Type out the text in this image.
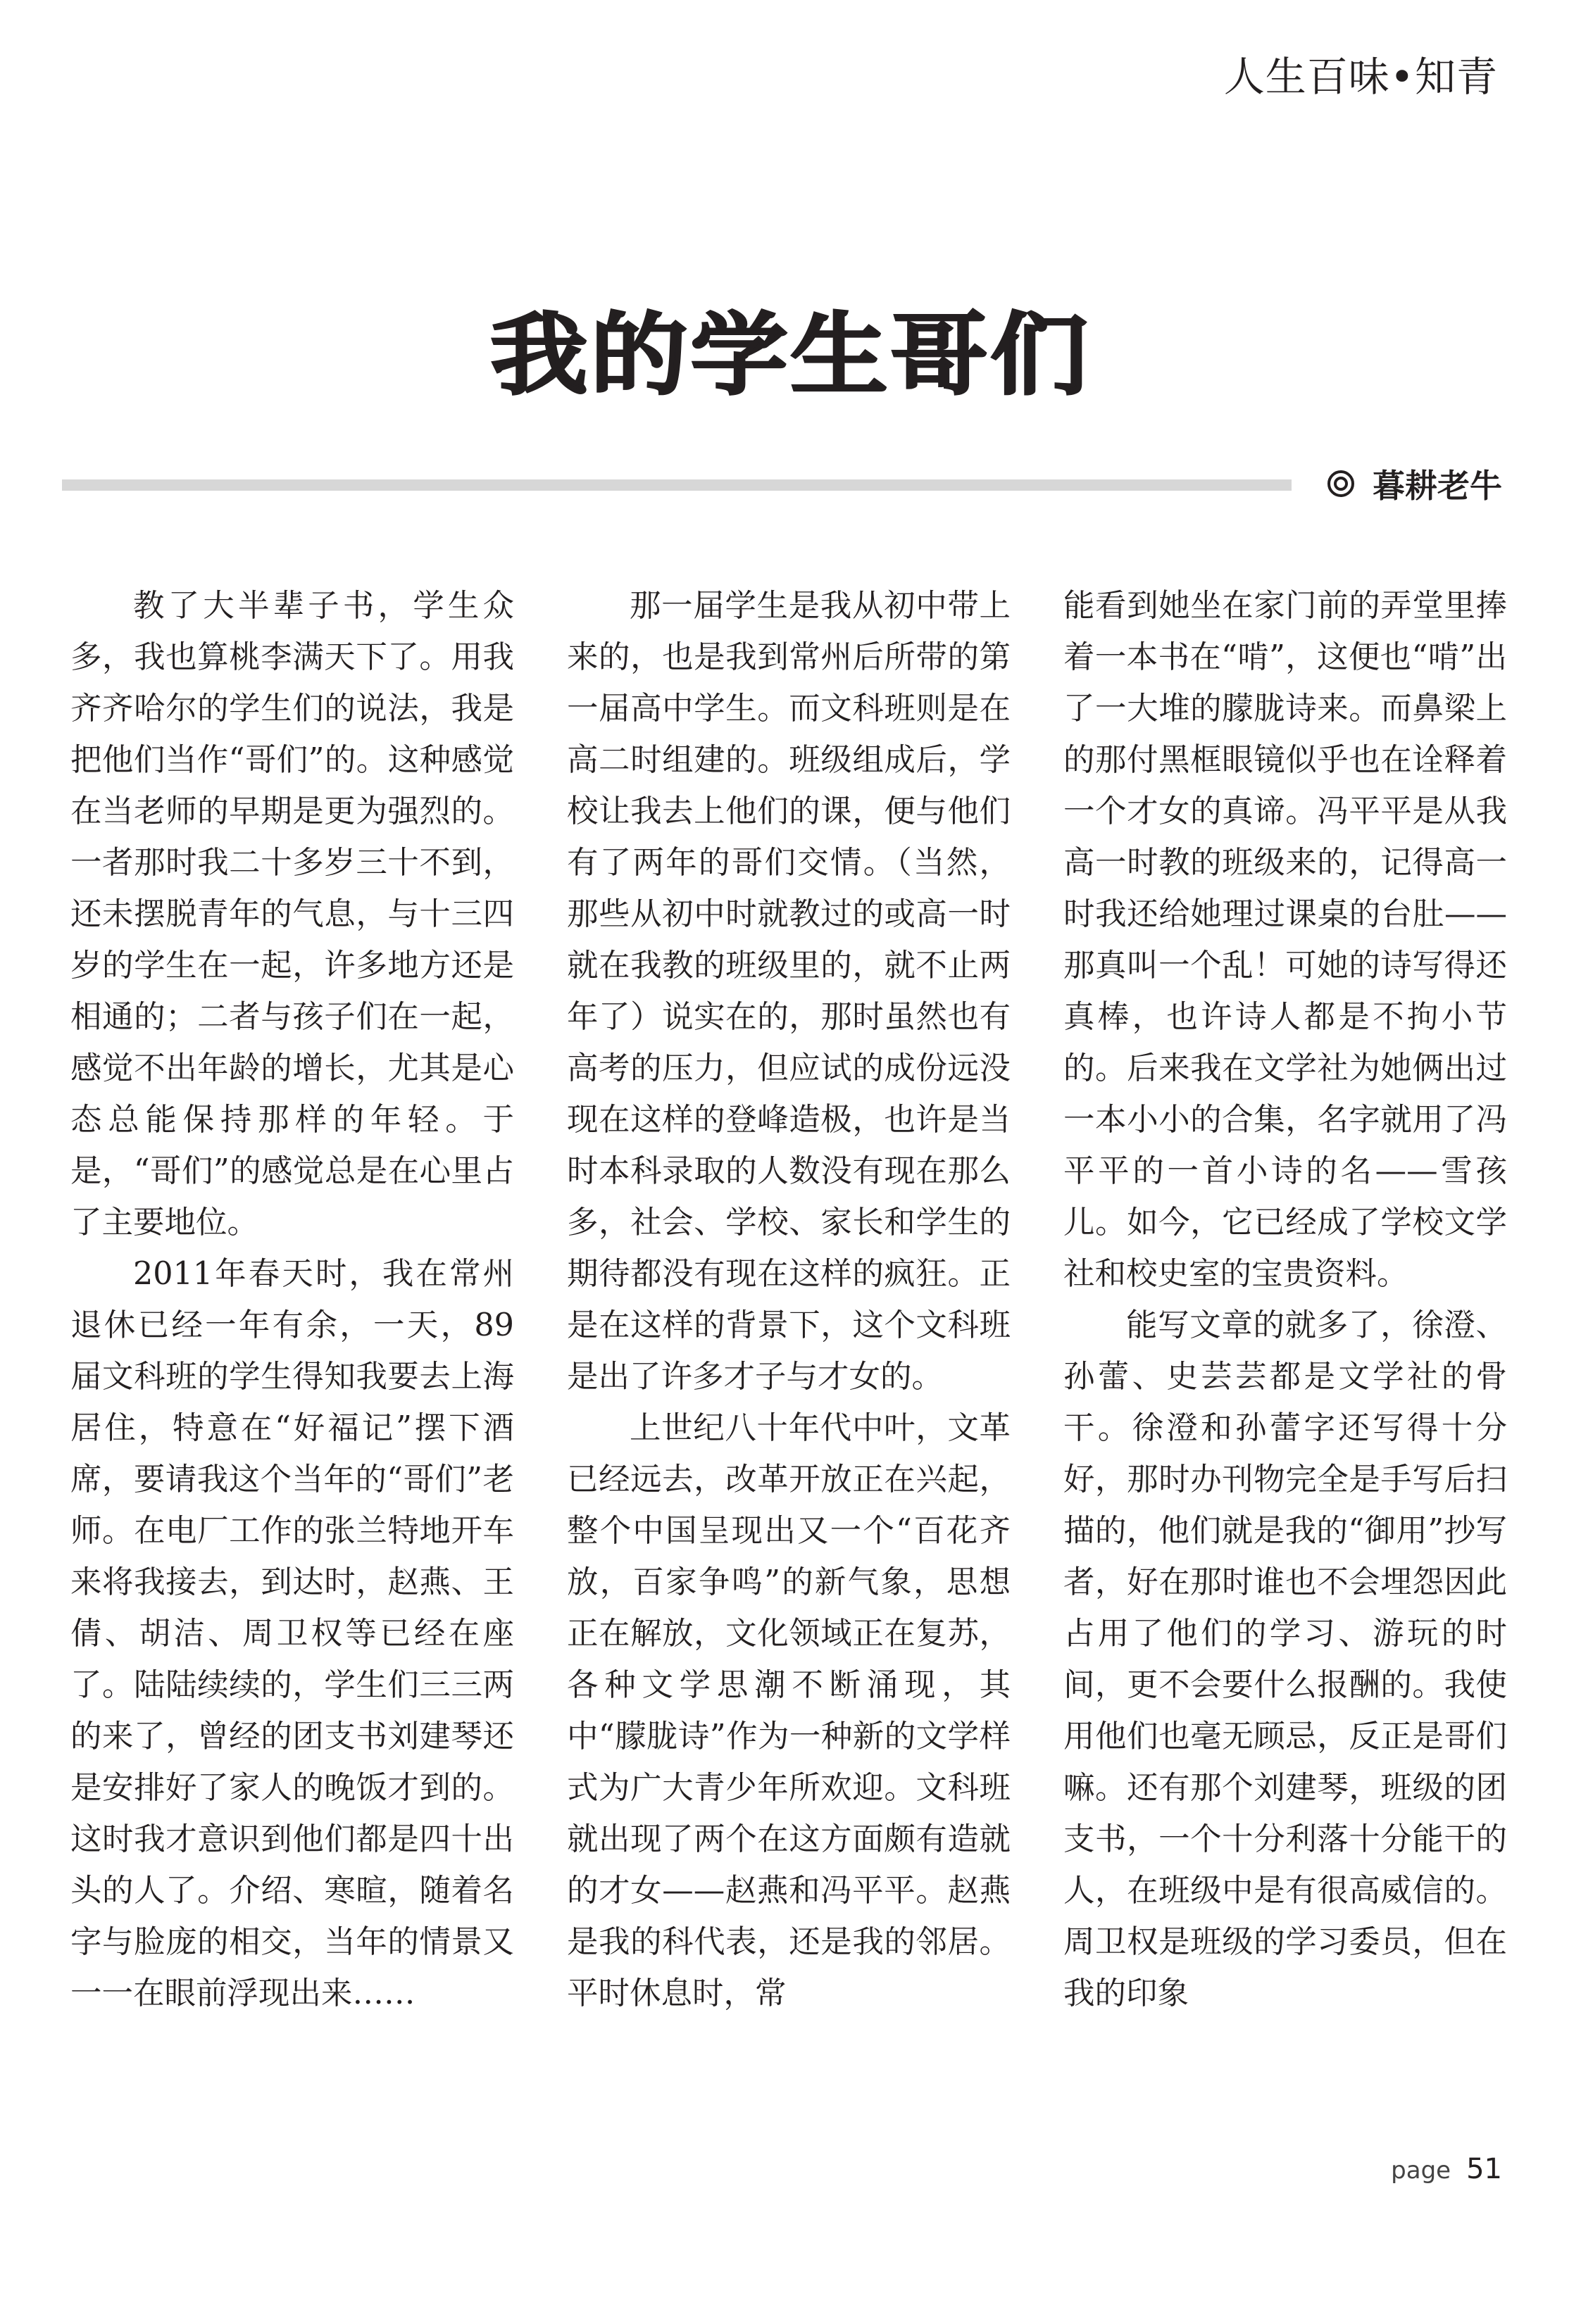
人生百味•知青
我的学生哥们
暮耕老牛

教了大半辈子书，学生众多，我也算桃李满天下了。用我齐齐哈尔的学生们的说法，我是把他们当作“哥们”的。这种感觉在当老师的早期是更为强烈的。一者那时我二十多岁三十不到，还未摆脱青年的气息，与十三四岁的学生在一起，许多地方还是相通的；二者与孩子们在一起，感觉不出年龄的增长，尤其是心态总能保持那样的年轻。于是，“哥们”的感觉总是在心里占了主要地位。

2011年春天时，我在常州退休已经一年有余，一天，89届文科班的学生得知我要去上海居住，特意在“好福记”摆下酒席，要请我这个当年的“哥们”老师。在电厂工作的张兰特地开车来将我接去，到达时，赵燕、王倩、胡洁、周卫权等已经在座了。陆陆续续的，学生们三三两的来了，曾经的团支书刘建琴还是安排好了家人的晚饭才到的。这时我才意识到他们都是四十出头的人了。介绍、寒暄，随着名字与脸庞的相交，当年的情景又一一在眼前浮现出来……

那一届学生是我从初中带上来的，也是我到常州后所带的第一届高中学生。而文科班则是在高二时组建的。班级组成后，学校让我去上他们的课，便与他们有了两年的哥们交情。（当然，那些从初中时就教过的或高一时就在我教的班级里的，就不止两年了）说实在的，那时虽然也有高考的压力，但应试的成份远没现在这样的登峰造极，也许是当时本科录取的人数没有现在那么多，社会、学校、家长和学生的期待都没有现在这样的疯狂。正是在这样的背景下，这个文科班是出了许多才子与才女的。

上世纪八十年代中叶，文革已经远去，改革开放正在兴起，整个中国呈现出又一个“百花齐放，百家争鸣”的新气象，思想正在解放，文化领域正在复苏，各种文学思潮不断涌现，其中“朦胧诗”作为一种新的文学样式为广大青少年所欢迎。文科班就出现了两个在这方面颇有造就的才女——赵燕和冯平平。赵燕是我的科代表，还是我的邻居。平时休息时，常

能看到她坐在家门前的弄堂里捧着一本书在“啃”，这便也“啃”出了一大堆的朦胧诗来。而鼻梁上的那付黑框眼镜似乎也在诠释着一个才女的真谛。冯平平是从我高一时教的班级来的，记得高一时我还给她理过课桌的台肚——那真叫一个乱！可她的诗写得还真棒，也许诗人都是不拘小节的。后来我在文学社为她俩出过一本小小的合集，名字就用了冯平平的一首小诗的名——雪孩儿。如今，它已经成了学校文学社和校史室的宝贵资料。

能写文章的就多了，徐澄、孙蕾、史芸芸都是文学社的骨干。徐澄和孙蕾字还写得十分好，那时办刊物完全是手写后扫描的，他们就是我的“御用”抄写者，好在那时谁也不会埋怨因此占用了他们的学习、游玩的时间，更不会要什么报酬的。我使用他们也毫无顾忌，反正是哥们嘛。还有那个刘建琴，班级的团支书，一个十分利落十分能干的人，在班级中是有很高威信的。周卫权是班级的学习委员，但在我的印象

page 51
